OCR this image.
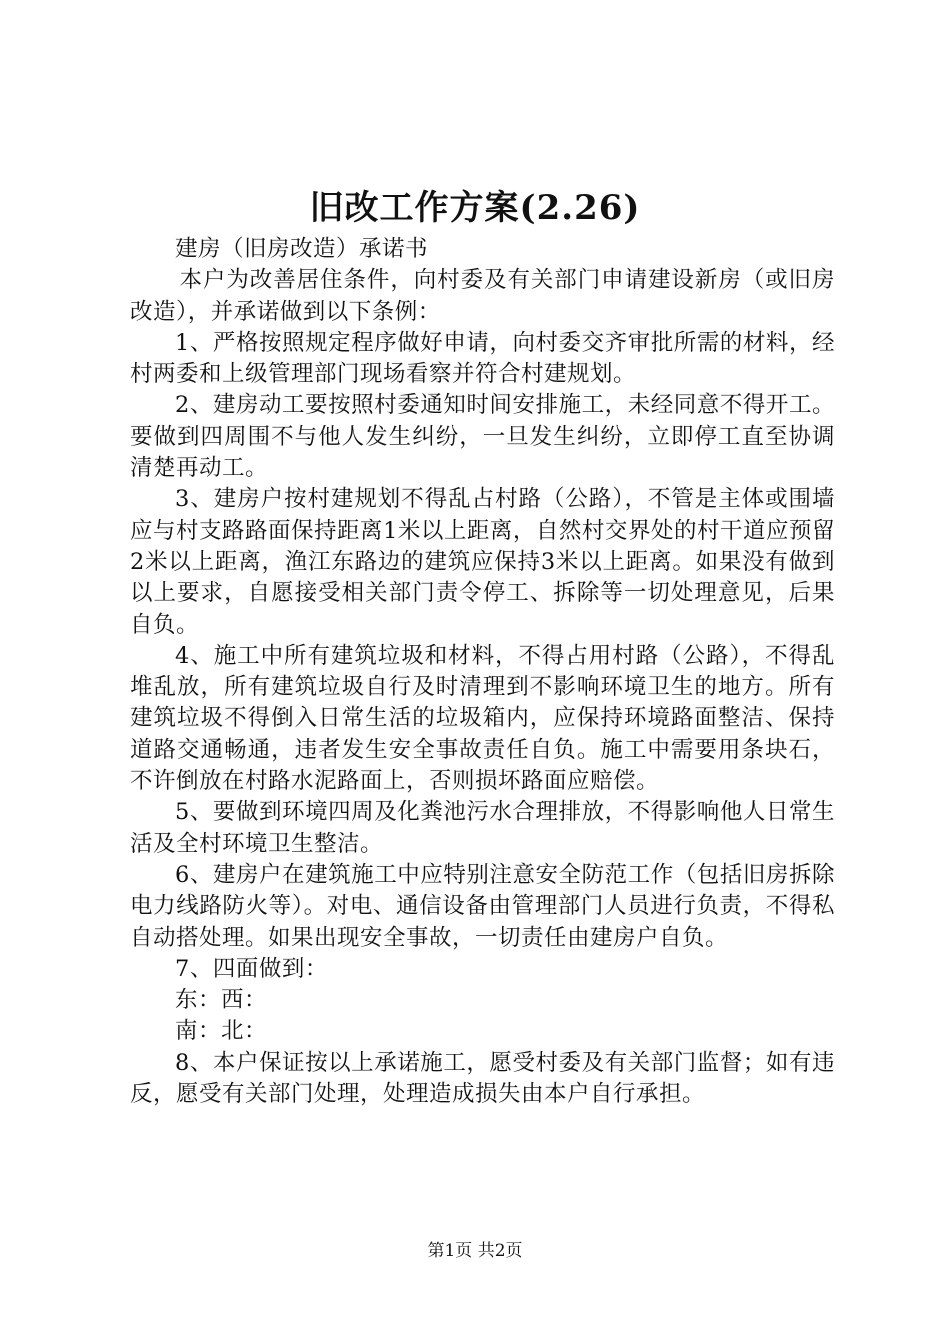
旧改工作方案(2.26)

建房（旧房改造）承诺书

本户为改善居住条件，向村委及有关部门申请建设新房（或旧房改造），并承诺做到以下条例：

1、严格按照规定程序做好申请，向村委交齐审批所需的材料，经村两委和上级管理部门现场看察并符合村建规划。

2、建房动工要按照村委通知时间安排施工，未经同意不得开工。要做到四周围不与他人发生纠纷，一旦发生纠纷，立即停工直至协调清楚再动工。

3、建房户按村建规划不得乱占村路（公路），不管是主体或围墙应与村支路路面保持距离1米以上距离，自然村交界处的村干道应预留2米以上距离，渔江东路边的建筑应保持3米以上距离。如果没有做到以上要求，自愿接受相关部门责令停工、拆除等一切处理意见，后果自负。

4、施工中所有建筑垃圾和材料，不得占用村路（公路），不得乱堆乱放，所有建筑垃圾自行及时清理到不影响环境卫生的地方。所有建筑垃圾不得倒入日常生活的垃圾箱内，应保持环境路面整洁、保持道路交通畅通，违者发生安全事故责任自负。施工中需要用条块石，不许倒放在村路水泥路面上，否则损坏路面应赔偿。

5、要做到环境四周及化粪池污水合理排放，不得影响他人日常生活及全村环境卫生整洁。

6、建房户在建筑施工中应特别注意安全防范工作（包括旧房拆除电力线路防火等）。对电、通信设备由管理部门人员进行负责，不得私自动搭处理。如果出现安全事故，一切责任由建房户自负。

7、四面做到：

东：西：

南：北：

8、本户保证按以上承诺施工，愿受村委及有关部门监督；如有违反，愿受有关部门处理，处理造成损失由本户自行承担。

第1页 共2页
